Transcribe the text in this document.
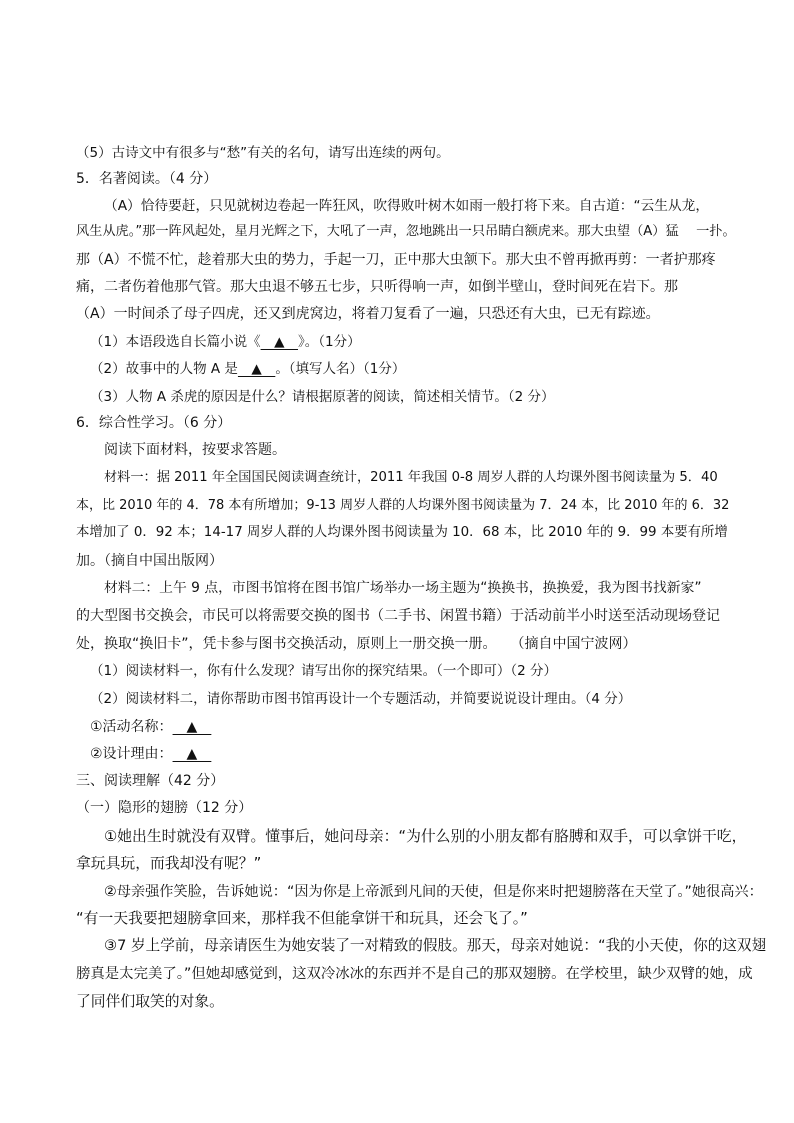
（5）古诗文中有很多与“愁”有关的名句，请写出连续的两句。
5．名著阅读。（4 分）
（A）恰待要赶，只见就树边卷起一阵狂风，吹得败叶树木如雨一般打将下来。自古道：“云生从龙，
风生从虎。”那一阵风起处，星月光辉之下，大吼了一声，忽地跳出一只吊睛白额虎来。那大虫望（A）猛　 一扑。
那（A）不慌不忙，趁着那大虫的势力，手起一刀，正中那大虫颔下。那大虫不曾再掀再剪：一者护那疼
痛，二者伤着他那气管。那大虫退不够五七步，只听得响一声，如倒半壁山，登时间死在岩下。那
（A）一时间杀了母子四虎，还又到虎窝边，将着刀复看了一遍，只恐还有大虫，已无有踪迹。
（1）本语段选自长篇小说《　▲　》。（1分）
（2）故事中的人物 A 是　▲　。（填写人名）（1分）
（3）人物 A 杀虎的原因是什么？请根据原著的阅读，简述相关情节。（2 分）
6．综合性学习。（6 分）
阅读下面材料，按要求答题。
材料一：据 2011 年全国国民阅读调查统计，2011 年我国 0-8 周岁人群的人均课外图书阅读量为 5．40
本，比 2010 年的 4．78 本有所增加；9-13 周岁人群的人均课外图书阅读量为 7．24 本，比 2010 年的 6．32
本增加了 0．92 本；14-17 周岁人群的人均课外图书阅读量为 10．68 本，比 2010 年的 9．99 本要有所增
加。（摘自中国出版网）
材料二：上午 9 点，市图书馆将在图书馆广场举办一场主题为“换换书，换换爱，我为图书找新家”
的大型图书交换会，市民可以将需要交换的图书（二手书、闲置书籍）于活动前半小时送至活动现场登记
处，换取“换旧卡”，凭卡参与图书交换活动，原则上一册交换一册。　　（摘自中国宁波网）
（1）阅读材料一，你有什么发现？请写出你的探究结果。（一个即可）（2 分）
（2）阅读材料二，请你帮助市图书馆再设计一个专题活动，并简要说说设计理由。（4 分）
①活动名称：　▲　
②设计理由：　▲　
三、阅读理解（42 分）
（一）隐形的翅膀（12 分）
①她出生时就没有双臂。懂事后，她问母亲：“为什么别的小朋友都有胳膊和双手，可以拿饼干吃，
拿玩具玩，而我却没有呢？”
②母亲强作笑脸，告诉她说：“因为你是上帝派到凡间的天使，但是你来时把翅膀落在天堂了。”她很高兴：
“有一天我要把翅膀拿回来，那样我不但能拿饼干和玩具，还会飞了。”
③7 岁上学前，母亲请医生为她安装了一对精致的假肢。那天，母亲对她说：“我的小天使，你的这双翅
膀真是太完美了。”但她却感觉到，这双冷冰冰的东西并不是自己的那双翅膀。在学校里，缺少双臂的她，成
了同伴们取笑的对象。
